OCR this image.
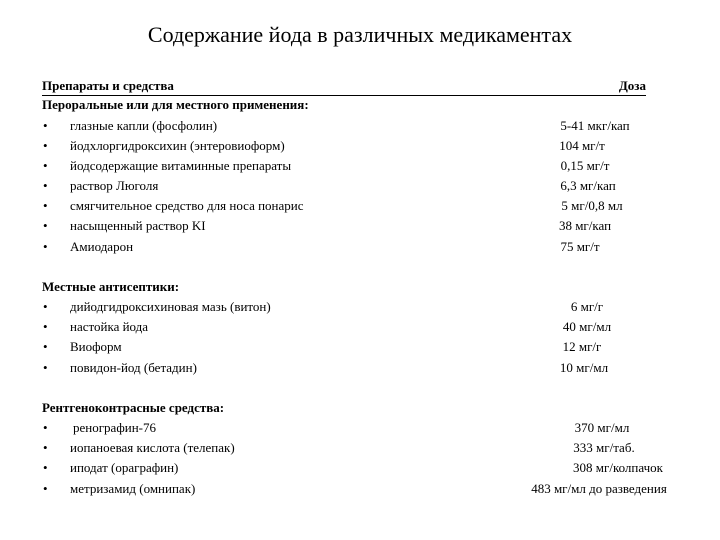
Содержание йода в различных медикаментах
Препараты и средства	Доза
Пероральные или для местного применения:
• глазные капли (фосфолин)	5-41 мкг/кап
• йодхлоргидроксихин (энтеровиоформ)	104 мг/т
• йодсодержащие витаминные препараты	0,15 мг/т
• раствор Люголя	6,3 мг/кап
• смягчительное средство для носа понарис	5 мг/0,8 мл
• насыщенный раствор KI	38 мг/кап
• Амиодарон	75 мг/т
Местные антисептики:
• дийодгидроксихиновая мазь (витон)	6 мг/г
• настойка йода	40 мг/мл
• Виоформ	12 мг/г
• повидон-йод (бетадин)	10 мг/мл
Рентгеноконтрасные средства:
• ренографин-76	370 мг/мл
• иопаноевая кислота (телепак)	333 мг/таб.
• иподат (ораграфин)	308 мг/колпачок
• метризамид (омнипак)	483 мг/мл до разведения
